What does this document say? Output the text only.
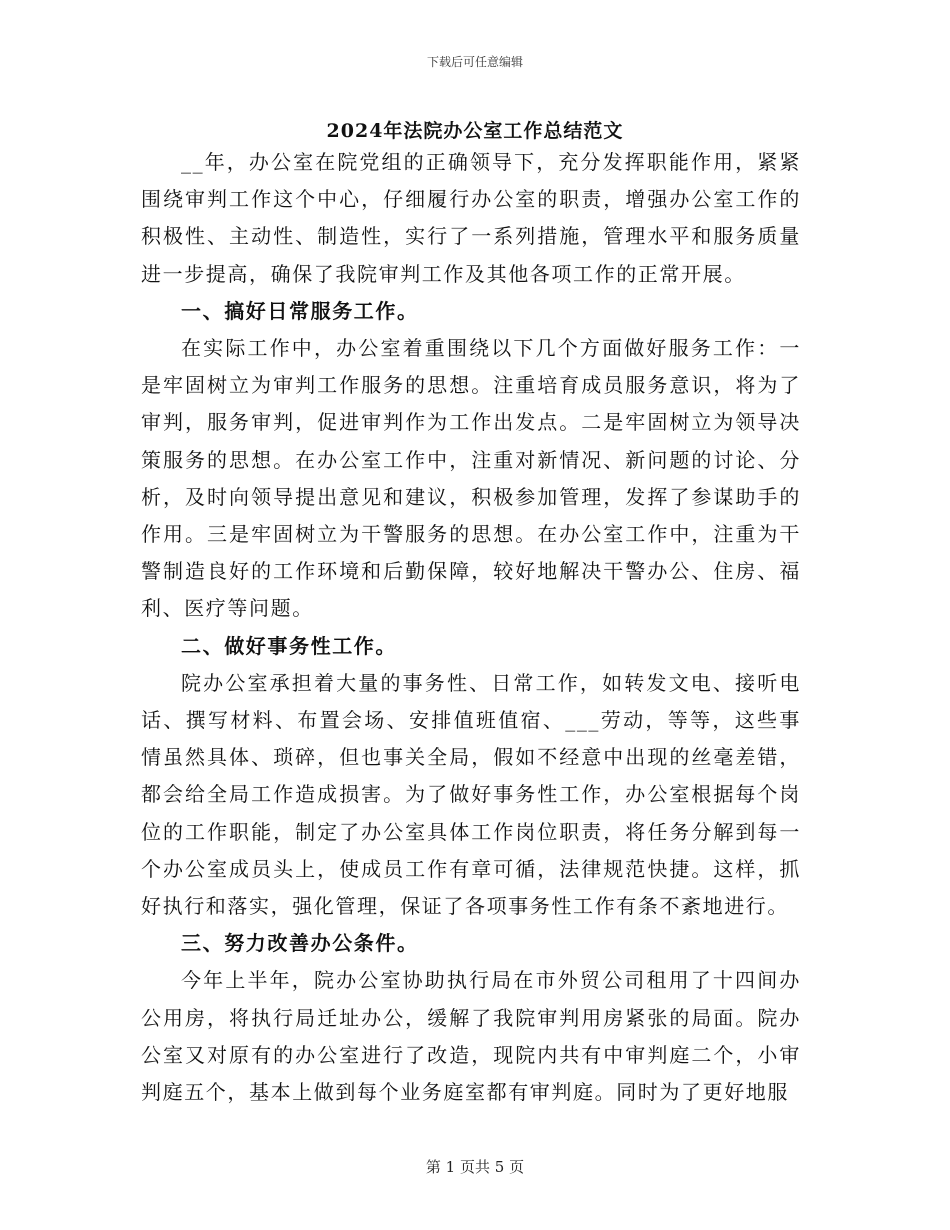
下载后可任意编辑
2024年法院办公室工作总结范文

__年，办公室在院党组的正确领导下，充分发挥职能作用，紧紧围绕审判工作这个中心，仔细履行办公室的职责，增强办公室工作的积极性、主动性、制造性，实行了一系列措施，管理水平和服务质量进一步提高，确保了我院审判工作及其他各项工作的正常开展。

一、搞好日常服务工作。

在实际工作中，办公室着重围绕以下几个方面做好服务工作：一是牢固树立为审判工作服务的思想。注重培育成员服务意识，将为了审判，服务审判，促进审判作为工作出发点。二是牢固树立为领导决策服务的思想。在办公室工作中，注重对新情况、新问题的讨论、分析，及时向领导提出意见和建议，积极参加管理，发挥了参谋助手的作用。三是牢固树立为干警服务的思想。在办公室工作中，注重为干警制造良好的工作环境和后勤保障，较好地解决干警办公、住房、福利、医疗等问题。

二、做好事务性工作。

院办公室承担着大量的事务性、日常工作，如转发文电、接听电话、撰写材料、布置会场、安排值班值宿、___劳动，等等，这些事情虽然具体、琐碎，但也事关全局，假如不经意中出现的丝毫差错，都会给全局工作造成损害。为了做好事务性工作，办公室根据每个岗位的工作职能，制定了办公室具体工作岗位职责，将任务分解到每一个办公室成员头上，使成员工作有章可循，法律规范快捷。这样，抓好执行和落实，强化管理，保证了各项事务性工作有条不紊地进行。

三、努力改善办公条件。

今年上半年，院办公室协助执行局在市外贸公司租用了十四间办公用房，将执行局迁址办公，缓解了我院审判用房紧张的局面。院办公室又对原有的办公室进行了改造，现院内共有中审判庭二个，小审判庭五个，基本上做到每个业务庭室都有审判庭。同时为了更好地服

第 1 页共 5 页
